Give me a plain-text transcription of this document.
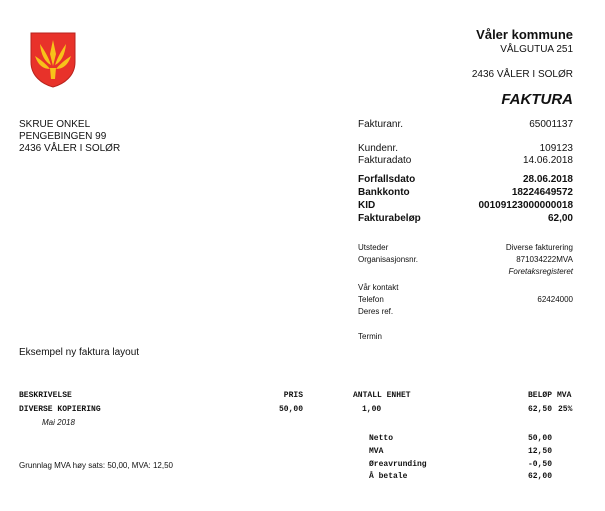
Våler kommune
VÅLGUTUA 251
2436 VÅLER I SOLØR
FAKTURA
SKRUE ONKEL
PENGEBINGEN 99
2436 VÅLER I SOLØR
Fakturanr.	65001137
Kundenr.	109123
Fakturadato	14.06.2018
Forfallsdato	28.06.2018
Bankkonto	18224649572
KID	00109123000000018
Fakturabeløp	62,00
Utsteder	Diverse fakturering
Organisasjonsnr.	871034222MVA
Foretaksregisteret
Vår kontakt
Telefon	62424000
Deres ref.
Termin
Eksempel ny faktura layout
BESKRIVELSE	PRIS	ANTALL ENHET	BELØP MVA
DIVERSE KOPIERING	50,00	1,00	62,50 25%
Mai 2018
Grunnlag MVA høy sats: 50,00, MVA: 12,50
Netto	50,00
MVA	12,50
Øreavrunding	-0,50
Å betale	62,00
